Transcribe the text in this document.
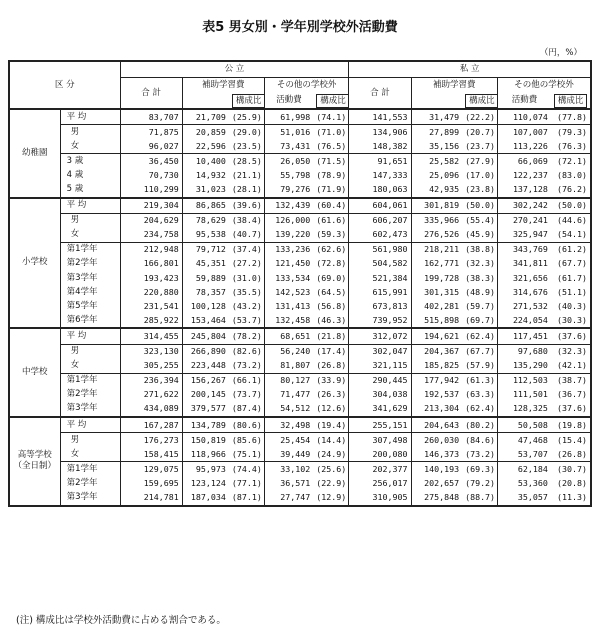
表5 男女別・学年別学校外活動費
（円，%）
区 分		公 立					私 立				
		合 計	補助学習費		その他の学校外		合 計	補助学習費		その他の学校外	
				構成比	活動費	構成比			構成比	活動費	構成比
幼稚園	平 均	83,707	21,709	(25.9)	61,998	(74.1)	141,553	31,479	(22.2)	110,074	(77.8)
	男	71,875	20,859	(29.0)	51,016	(71.0)	134,906	27,899	(20.7)	107,007	(79.3)
	女	96,027	22,596	(23.5)	73,431	(76.5)	148,382	35,156	(23.7)	113,226	(76.3)
	3 歳	36,450	10,400	(28.5)	26,050	(71.5)	91,651	25,582	(27.9)	66,069	(72.1)
	4 歳	70,730	14,932	(21.1)	55,798	(78.9)	147,333	25,096	(17.0)	122,237	(83.0)
	5 歳	110,299	31,023	(28.1)	79,276	(71.9)	180,063	42,935	(23.8)	137,128	(76.2)
小学校	平 均	219,304	86,865	(39.6)	132,439	(60.4)	604,061	301,819	(50.0)	302,242	(50.0)
	男	204,629	78,629	(38.4)	126,000	(61.6)	606,207	335,966	(55.4)	270,241	(44.6)
	女	234,758	95,538	(40.7)	139,220	(59.3)	602,473	276,526	(45.9)	325,947	(54.1)
	第1学年	212,948	79,712	(37.4)	133,236	(62.6)	561,980	218,211	(38.8)	343,769	(61.2)
	第2学年	166,801	45,351	(27.2)	121,450	(72.8)	504,582	162,771	(32.3)	341,811	(67.7)
	第3学年	193,423	59,889	(31.0)	133,534	(69.0)	521,384	199,728	(38.3)	321,656	(61.7)
	第4学年	220,880	78,357	(35.5)	142,523	(64.5)	615,991	301,315	(48.9)	314,676	(51.1)
	第5学年	231,541	100,128	(43.2)	131,413	(56.8)	673,813	402,281	(59.7)	271,532	(40.3)
	第6学年	285,922	153,464	(53.7)	132,458	(46.3)	739,952	515,898	(69.7)	224,054	(30.3)
中学校	平 均	314,455	245,804	(78.2)	68,651	(21.8)	312,072	194,621	(62.4)	117,451	(37.6)
	男	323,130	266,890	(82.6)	56,240	(17.4)	302,047	204,367	(67.7)	97,680	(32.3)
	女	305,255	223,448	(73.2)	81,807	(26.8)	321,115	185,825	(57.9)	135,290	(42.1)
	第1学年	236,394	156,267	(66.1)	80,127	(33.9)	290,445	177,942	(61.3)	112,503	(38.7)
	第2学年	271,622	200,145	(73.7)	71,477	(26.3)	304,038	192,537	(63.3)	111,501	(36.7)
	第3学年	434,089	379,577	(87.4)	54,512	(12.6)	341,629	213,304	(62.4)	128,325	(37.6)

高等学校
（全日制）	平 均	167,287	134,789	(80.6)	32,498	(19.4)	255,151	204,643	(80.2)	50,508	(19.8)
	男	176,273	150,819	(85.6)	25,454	(14.4)	307,498	260,030	(84.6)	47,468	(15.4)
	女	158,415	118,966	(75.1)	39,449	(24.9)	200,080	146,373	(73.2)	53,707	(26.8)
	第1学年	129,075	95,973	(74.4)	33,102	(25.6)	202,377	140,193	(69.3)	62,184	(30.7)
	第2学年	159,695	123,124	(77.1)	36,571	(22.9)	256,017	202,657	(79.2)	53,360	(20.8)
	第3学年	214,781	187,034	(87.1)	27,747	(12.9)	310,905	275,848	(88.7)	35,057	(11.3)
(注) 構成比は学校外活動費に占める割合である。
